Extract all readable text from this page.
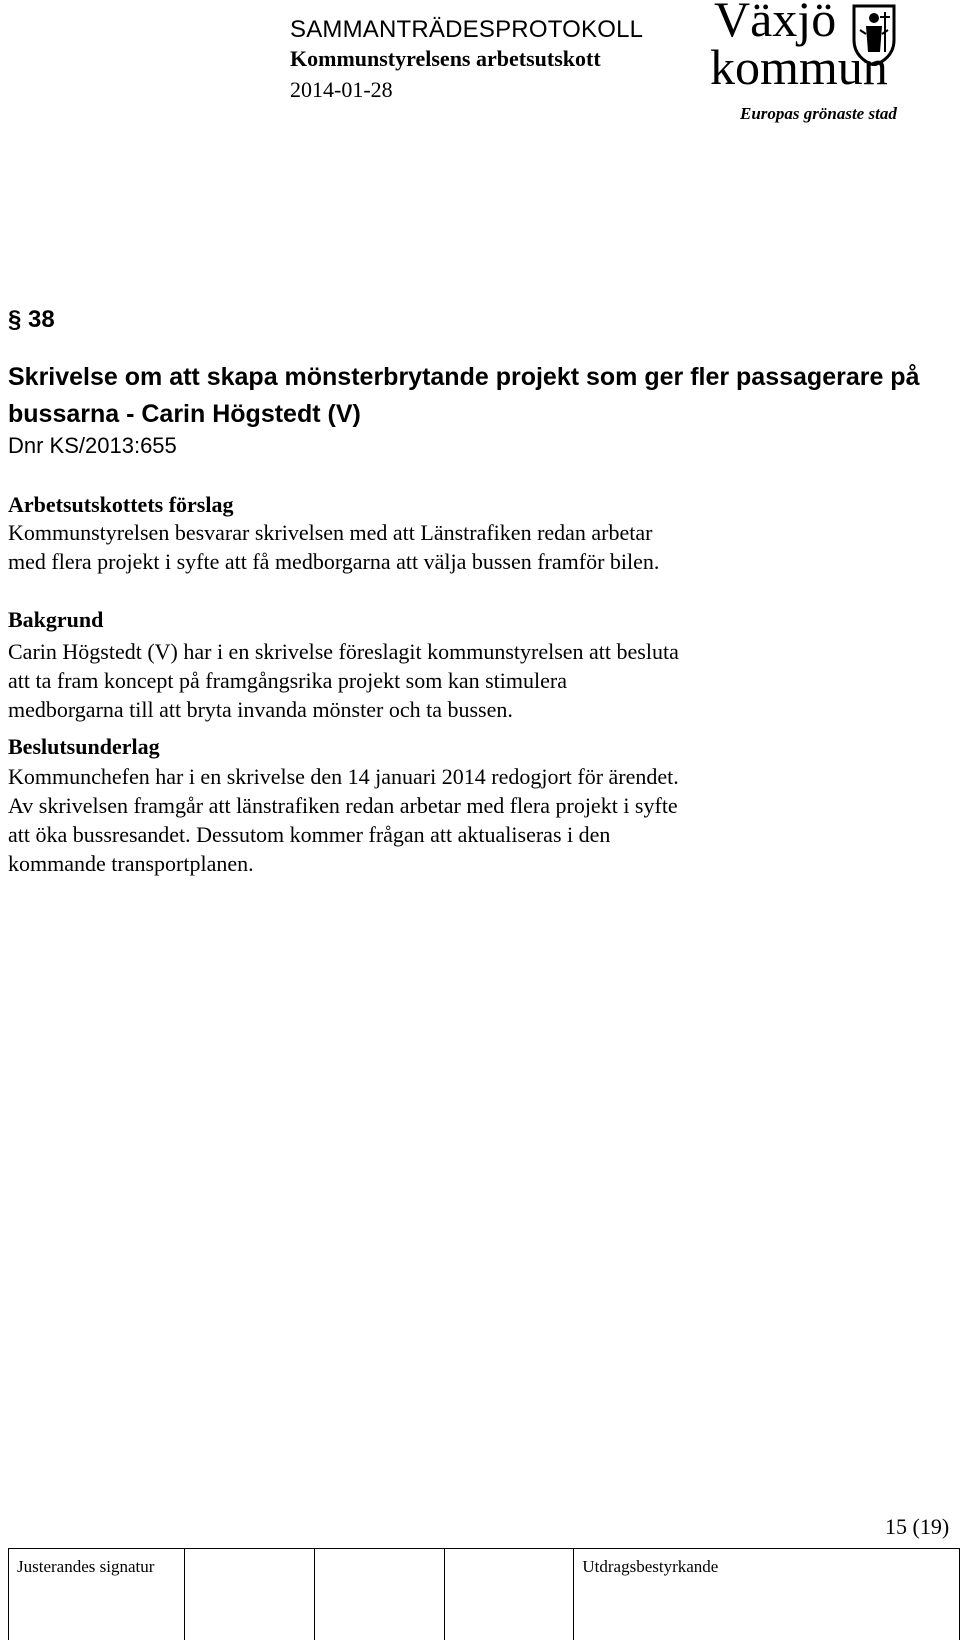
SAMMANTRÄDESPROTOKOLL
Kommunstyrelsens arbetsutskott
2014-01-28
Växjö
kommun
Europas grönaste stad
§ 38
Skrivelse om att skapa mönsterbrytande projekt som ger fler passagerare på bussarna - Carin Högstedt (V)
Dnr KS/2013:655
Arbetsutskottets förslag
Kommunstyrelsen besvarar skrivelsen med att Länstrafiken redan arbetar
med flera projekt i syfte att få medborgarna att välja bussen framför bilen.
Bakgrund
Carin Högstedt (V) har i en skrivelse föreslagit kommunstyrelsen att besluta
att ta fram koncept på framgångsrika projekt som kan stimulera
medborgarna till att bryta invanda mönster och ta bussen.
Beslutsunderlag
Kommunchefen har i en skrivelse den 14 januari 2014 redogjort för ärendet.
Av skrivelsen framgår att länstrafiken redan arbetar med flera projekt i syfte
att öka bussresandet. Dessutom kommer frågan att aktualiseras i den
kommande transportplanen.
15 (19)
Justerandes signatur	Utdragsbestyrkande
